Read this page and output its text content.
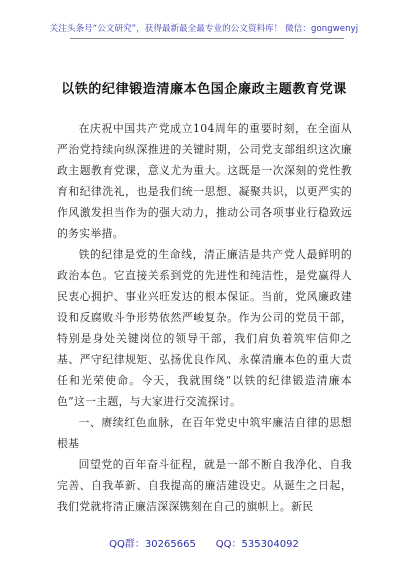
关注头条号“公文研究”，获得最新最全最专业的公文资料库！ 微信：gongwenyj
以铁的纪律锻造清廉本色国企廉政主题教育党课

在庆祝中国共产党成立104周年的重要时刻，在全面从严治党持续向纵深推进的关键时期，公司党支部组织这次廉政主题教育党课，意义尤为重大。这既是一次深刻的党性教育和纪律洗礼，也是我们统一思想、凝聚共识，以更严实的作风激发担当作为的强大动力，推动公司各项事业行稳致远的务实举措。

铁的纪律是党的生命线，清正廉洁是共产党人最鲜明的政治本色。它直接关系到党的先进性和纯洁性，是党赢得人民衷心拥护、事业兴旺发达的根本保证。当前，党风廉政建设和反腐败斗争形势依然严峻复杂。作为公司的党员干部，特别是身处关键岗位的领导干部，我们肩负着筑牢信仰之基、严守纪律规矩、弘扬优良作风、永葆清廉本色的重大责任和光荣使命。今天，我就围绕“以铁的纪律锻造清廉本色”这一主题，与大家进行交流探讨。

一、赓续红色血脉，在百年党史中筑牢廉洁自律的思想根基

回望党的百年奋斗征程，就是一部不断自我净化、自我完善、自我革新、自我提高的廉洁建设史。从诞生之日起，我们党就将清正廉洁深深镌刻在自己的旗帜上。新民

QQ群：30265665　　QQ：535304092
